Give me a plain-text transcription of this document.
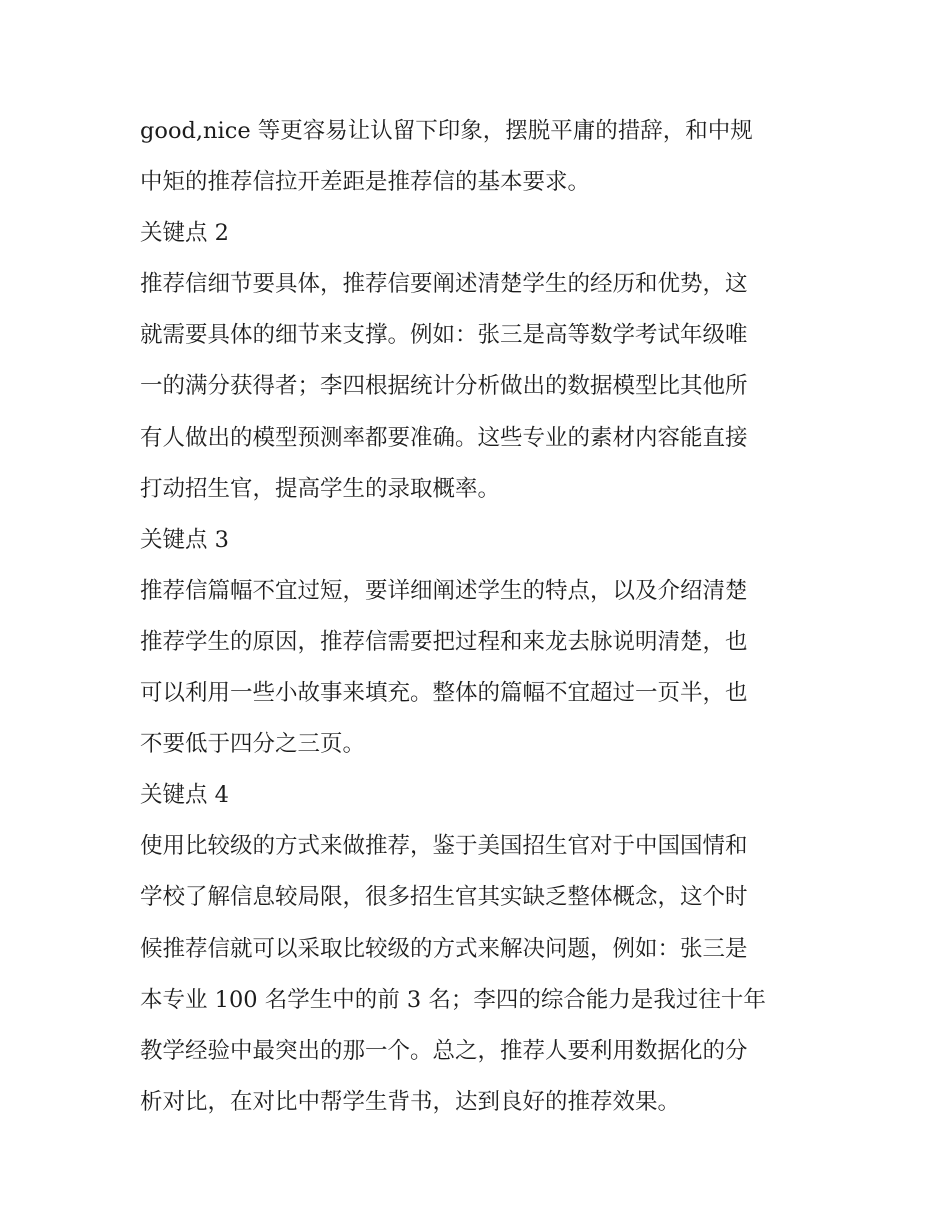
good,nice 等更容易让认留下印象，摆脱平庸的措辞，和中规
中矩的推荐信拉开差距是推荐信的基本要求。
关键点 2
推荐信细节要具体，推荐信要阐述清楚学生的经历和优势，这
就需要具体的细节来支撑。例如：张三是高等数学考试年级唯
一的满分获得者；李四根据统计分析做出的数据模型比其他所
有人做出的模型预测率都要准确。这些专业的素材内容能直接
打动招生官，提高学生的录取概率。
关键点 3
推荐信篇幅不宜过短，要详细阐述学生的特点，以及介绍清楚
推荐学生的原因，推荐信需要把过程和来龙去脉说明清楚，也
可以利用一些小故事来填充。整体的篇幅不宜超过一页半，也
不要低于四分之三页。
关键点 4
使用比较级的方式来做推荐，鉴于美国招生官对于中国国情和
学校了解信息较局限，很多招生官其实缺乏整体概念，这个时
候推荐信就可以采取比较级的方式来解决问题，例如：张三是
本专业 100 名学生中的前 3 名；李四的综合能力是我过往十年
教学经验中最突出的那一个。总之，推荐人要利用数据化的分
析对比，在对比中帮学生背书，达到良好的推荐效果。
